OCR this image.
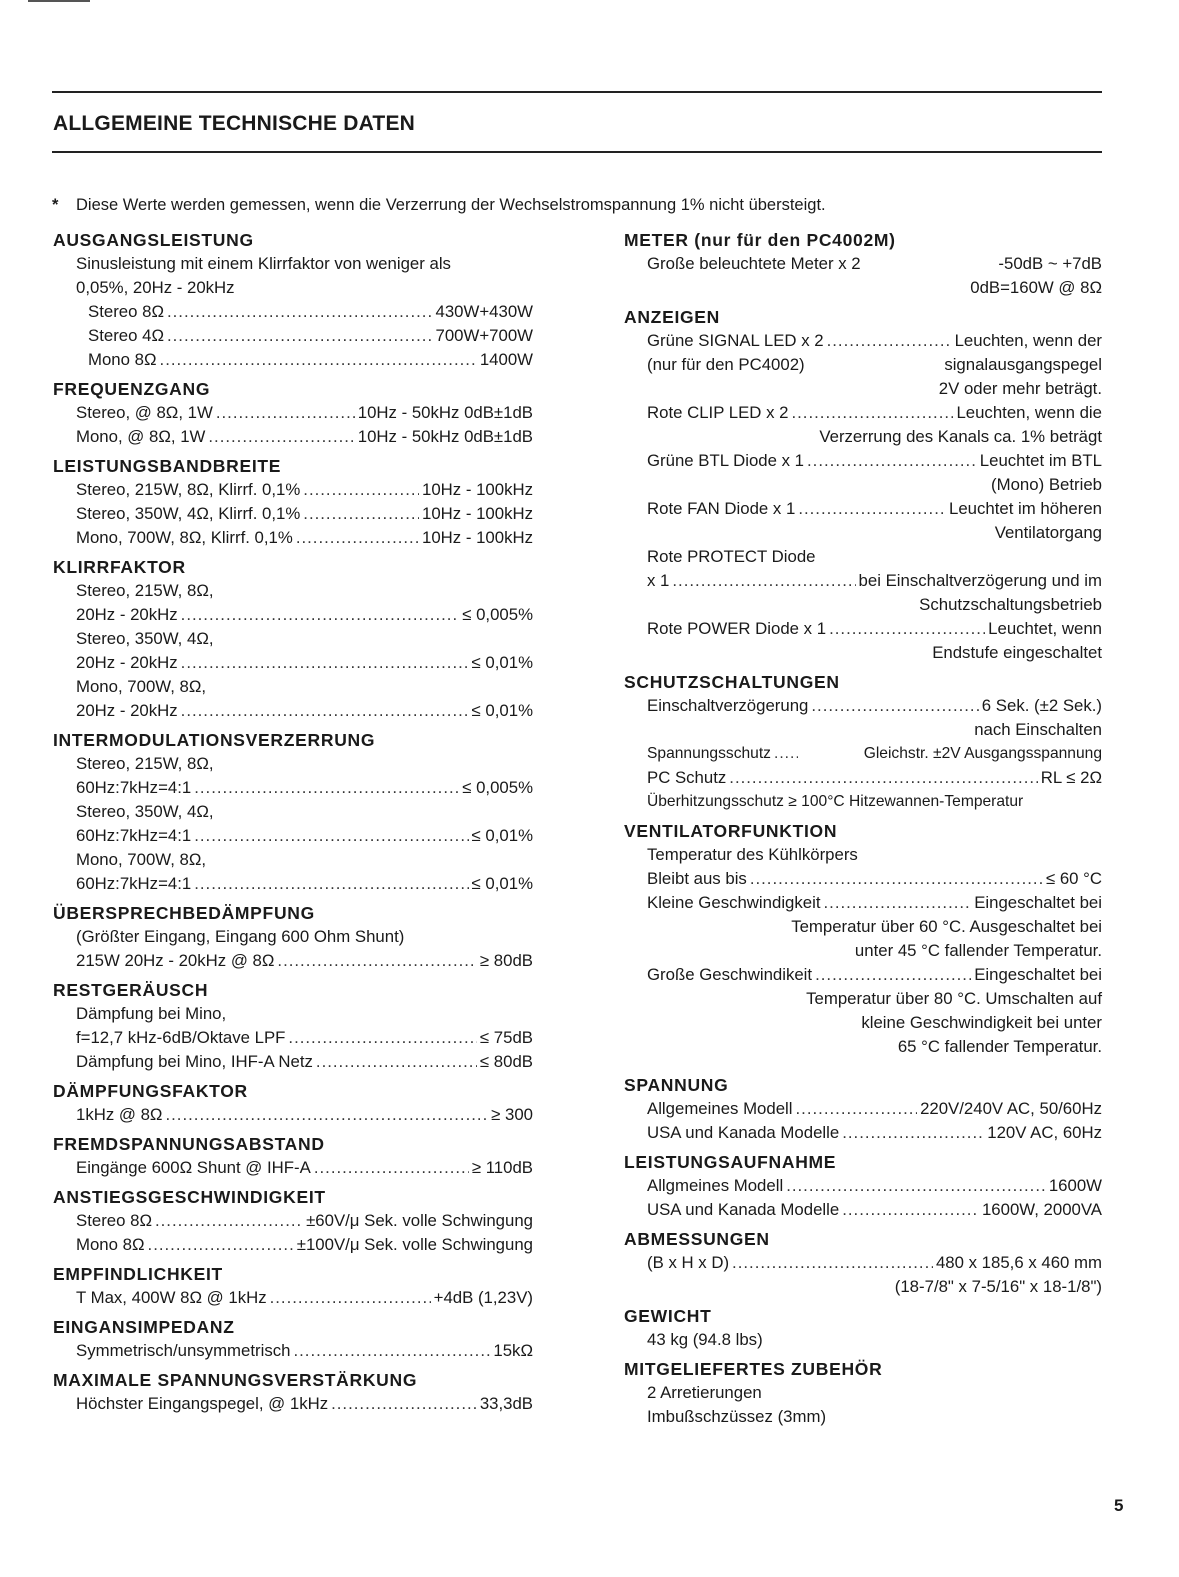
ALLGEMEINE TECHNISCHE DATEN
* Diese Werte werden gemessen, wenn die Verzerrung der Wechselstromspannung 1% nicht übersteigt.
AUSGANGSLEISTUNG
Sinusleistung mit einem Klirrfaktor von weniger als
0,05%, 20Hz - 20kHz
Stereo 8Ω .....	430W+430W
Stereo 4Ω .....	700W+700W
Mono 8Ω .....	1400W
FREQUENZGANG
Stereo, @ 8Ω, 1W .....	10Hz - 50kHz 0dB±1dB
Mono, @ 8Ω, 1W .....	10Hz - 50kHz 0dB±1dB
LEISTUNGSBANDBREITE
Stereo, 215W, 8Ω, Klirrf. 0,1% .....	10Hz - 100kHz
Stereo, 350W, 4Ω, Klirrf. 0,1% .....	10Hz - 100kHz
Mono, 700W, 8Ω, Klirrf. 0,1% .....	10Hz - 100kHz
KLIRRFAKTOR
Stereo, 215W, 8Ω,
20Hz - 20kHz .....	≤ 0,005%
Stereo, 350W, 4Ω,
20Hz - 20kHz .....	≤ 0,01%
Mono, 700W, 8Ω,
20Hz - 20kHz .....	≤ 0,01%
INTERMODULATIONSVERZERRUNG
Stereo, 215W, 8Ω,
60Hz:7kHz=4:1 .....	≤ 0,005%
Stereo, 350W, 4Ω,
60Hz:7kHz=4:1 .....	≤ 0,01%
Mono, 700W, 8Ω,
60Hz:7kHz=4:1 .....	≤ 0,01%
ÜBERSPRECHBEDÄMPFUNG
(Größter Eingang, Eingang 600 Ohm Shunt)
215W 20Hz - 20kHz @ 8Ω .....	≥ 80dB
RESTGERÄUSCH
Dämpfung bei Mino,
f=12,7 kHz-6dB/Oktave LPF .....	≤ 75dB
Dämpfung bei Mino, IHF-A Netz .....	≤ 80dB
DÄMPFUNGSFAKTOR
1kHz @ 8Ω .....	≥ 300
FREMDSPANNUNGSABSTAND
Eingänge 600Ω Shunt @ IHF-A .....	≥ 110dB
ANSTIEGSGESCHWINDIGKEIT
Stereo 8Ω .....	±60V/μ Sek. volle Schwingung
Mono 8Ω .....	±100V/μ Sek. volle Schwingung
EMPFINDLICHKEIT
T Max, 400W 8Ω @ 1kHz .....	+4dB (1,23V)
EINGANSIMPEDANZ
Symmetrisch/unsymmetrisch .....	15kΩ
MAXIMALE SPANNUNGSVERSTÄRKUNG
Höchster Eingangspegel, @ 1kHz .....	33,3dB
METER (nur für den PC4002M)
Große beleuchtete Meter x 2	-50dB ~ +7dB
0dB=160W @ 8Ω
ANZEIGEN
Grüne SIGNAL LED x 2 .....	Leuchten, wenn der
(nur für den PC4002)	signalausgangspegel
2V oder mehr beträgt.
Rote CLIP LED x 2 .....	Leuchten, wenn die
Verzerrung des Kanals ca. 1% beträgt
Grüne BTL Diode x 1 .....	Leuchtet im BTL
(Mono) Betrieb
Rote FAN Diode x 1 .....	Leuchtet im höheren
Ventilatorgang
Rote PROTECT Diode
x 1 .....	bei Einschaltverzögerung und im
Schutzschaltungsbetrieb
Rote POWER Diode x 1 .....	Leuchtet, wenn
Endstufe eingeschaltet
SCHUTZSCHALTUNGEN
Einschaltverzögerung .....	6 Sek. (±2 Sek.)
nach Einschalten
Spannungsschutz .....	Gleichstr. ±2V Ausgangsspannung
PC Schutz .....	RL ≤ 2Ω
Überhitzungsschutz ≥ 100°C Hitzewannen-Temperatur
VENTILATORFUNKTION
Temperatur des Kühlkörpers
Bleibt aus bis .....	≤ 60 °C
Kleine Geschwindigkeit .....	Eingeschaltet bei
Temperatur über 60 °C. Ausgeschaltet bei
unter 45 °C fallender Temperatur.
Große Geschwindikeit .....	Eingeschaltet bei
Temperatur über 80 °C. Umschalten auf
kleine Geschwindigkeit bei unter
65 °C fallender Temperatur.
SPANNUNG
Allgemeines Modell .....	220V/240V AC, 50/60Hz
USA und Kanada Modelle .....	120V AC, 60Hz
LEISTUNGSAUFNAHME
Allgmeines Modell .....	1600W
USA und Kanada Modelle .....	1600W, 2000VA
ABMESSUNGEN
(B x H x D) .....	480 x 185,6 x 460 mm
(18-7/8" x 7-5/16" x 18-1/8")
GEWICHT
43 kg (94.8 lbs)
MITGELIEFERTES ZUBEHÖR
2 Arretierungen
Imbußschzüssez (3mm)
5
